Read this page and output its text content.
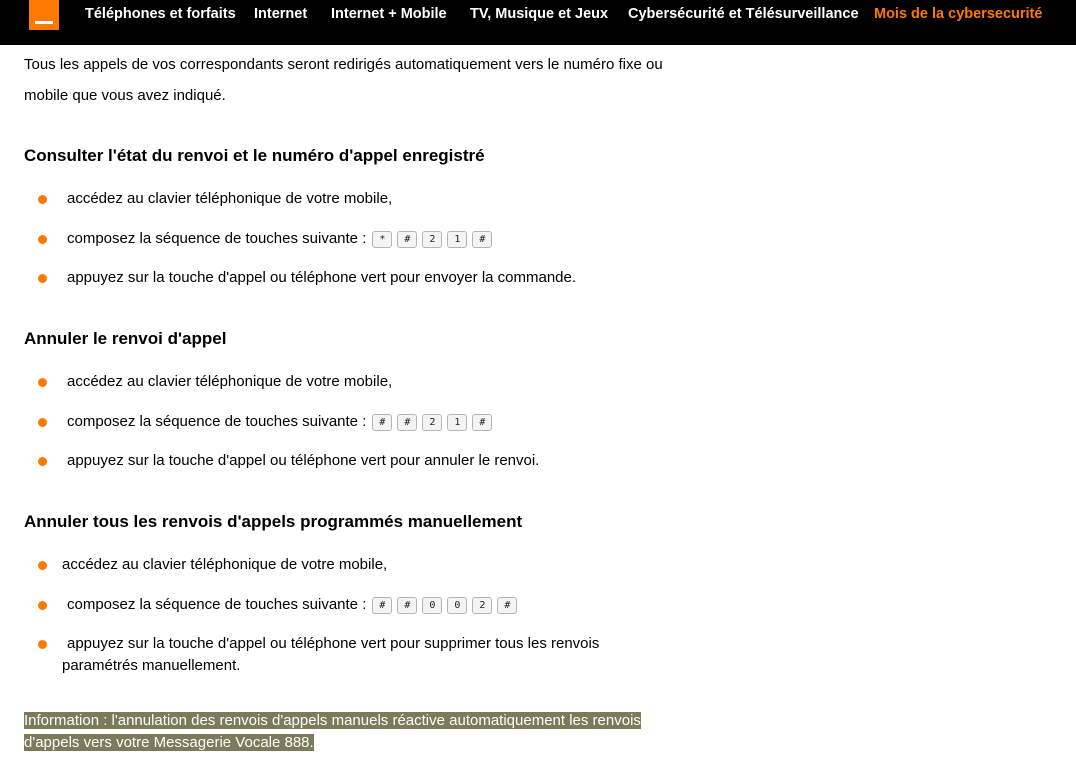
Téléphones et forfaits Internet Internet + Mobile TV, Musique et Jeux Cybersécurité et Télésurveillance Mois de la cybersecurité
Tous les appels de vos correspondants seront redirigés automatiquement vers le numéro fixe ou
mobile que vous avez indiqué.
Consulter l'état du renvoi et le numéro d'appel enregistré
accédez au clavier téléphonique de votre mobile,
composez la séquence de touches suivante :	*	#	2	1	#
appuyez sur la touche d'appel ou téléphone vert pour envoyer la commande.
Annuler le renvoi d'appel
accédez au clavier téléphonique de votre mobile,
composez la séquence de touches suivante :	#	#	2	1	#
appuyez sur la touche d'appel ou téléphone vert pour annuler le renvoi.
Annuler tous les renvois d'appels programmés manuellement
accédez au clavier téléphonique de votre mobile,
composez la séquence de touches suivante :	#	#	0	0	2	#
appuyez sur la touche d'appel ou téléphone vert pour supprimer tous les renvois
paramétrés manuellement.
Information : l'annulation des renvois d'appels manuels réactive automatiquement les renvois
d'appels vers votre Messagerie Vocale 888.
